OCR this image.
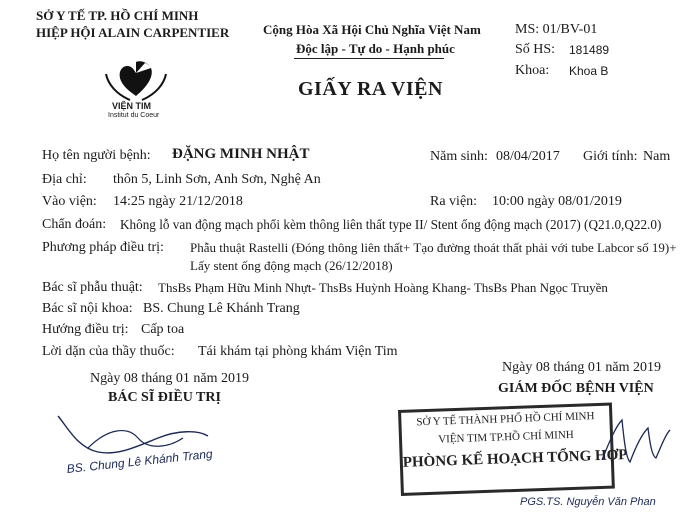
SỞ Y TẾ TP. HỒ CHÍ MINH
HIỆP HỘI ALAIN CARPENTIER
VIỆN TIM
Institut du Coeur
Cộng Hòa Xã Hội Chủ Nghĩa Việt Nam
Độc lập - Tự do - Hạnh phúc
MS: 01/BV-01
Số HS: 181489
Khoa: Khoa B
GIẤY RA VIỆN
Họ tên người bệnh: ĐẶNG MINH NHẬT	Năm sinh: 08/04/2017 Giới tính: Nam
Địa chỉ: thôn 5, Linh Sơn, Anh Sơn, Nghệ An
Vào viện: 14:25 ngày 21/12/2018	Ra viện: 10:00 ngày 08/01/2019
Chẩn đoán: Không lỗ van động mạch phổi kèm thông liên thất type II/ Stent ống động mạch (2017) (Q21.0,Q22.0)
Phương pháp điều trị: Phẫu thuật Rastelli (Đóng thông liên thất+ Tạo đường thoát thất phải với tube Labcor số 19)+
Lấy stent ống động mạch (26/12/2018)
Bác sĩ phẫu thuật: ThsBs Phạm Hữu Minh Nhựt- ThsBs Huỳnh Hoàng Khang- ThsBs Phan Ngọc Truyền
Bác sĩ nội khoa: BS. Chung Lê Khánh Trang
Hướng điều trị: Cấp toa
Lời dặn của thầy thuốc: Tái khám tại phòng khám Viện Tim
Ngày 08 tháng 01 năm 2019
BÁC SĨ ĐIỀU TRỊ
BS. Chung Lê Khánh Trang
Ngày 08 tháng 01 năm 2019
GIÁM ĐỐC BỆNH VIỆN
SỞ Y TẾ THÀNH PHỐ HỒ CHÍ MINH
VIỆN TIM TP.HỒ CHÍ MINH
PHÒNG KẾ HOẠCH TỔNG HỢP
PGS.TS. Nguyễn Văn Phan
